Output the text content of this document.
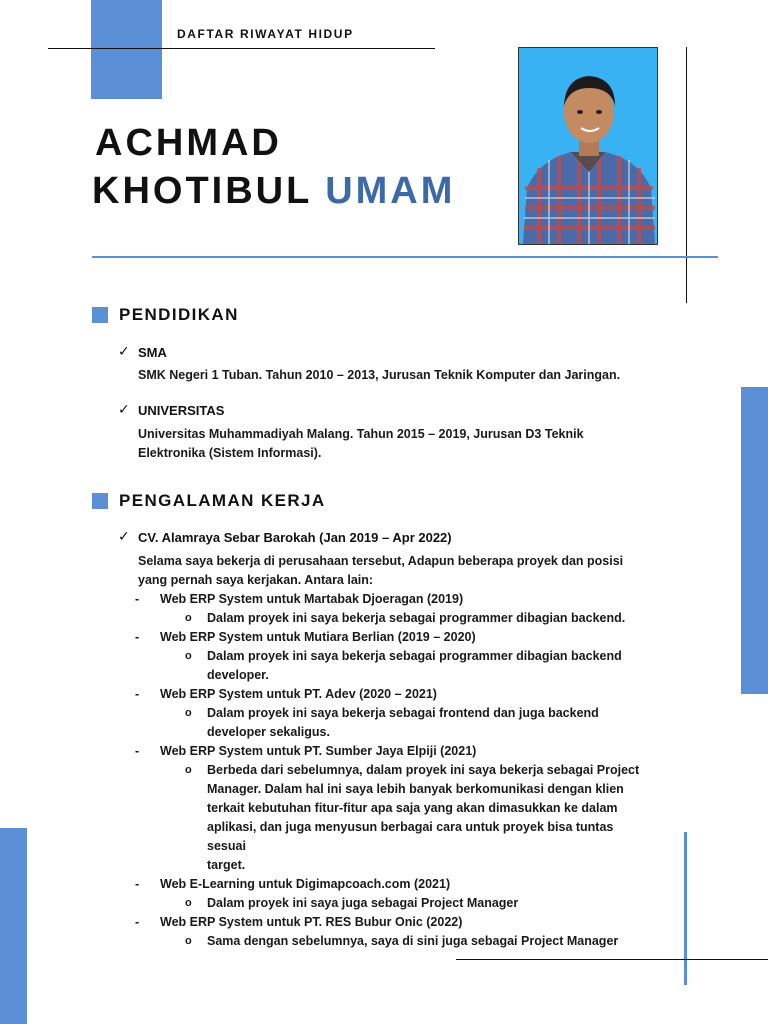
DAFTAR RIWAYAT HIDUP
ACHMAD
KHOTIBUL UMAM
PENDIDIKAN
✓ SMA
SMK Negeri 1 Tuban. Tahun 2010 – 2013, Jurusan Teknik Komputer dan Jaringan.
✓ UNIVERSITAS
Universitas Muhammadiyah Malang. Tahun 2015 – 2019, Jurusan D3 Teknik
Elektronika (Sistem Informasi).
PENGALAMAN KERJA
✓ CV. Alamraya Sebar Barokah (Jan 2019 – Apr 2022)
Selama saya bekerja di perusahaan tersebut, Adapun beberapa proyek dan posisi
yang pernah saya kerjakan. Antara lain:
- Web ERP System untuk Martabak Djoeragan (2019)
o Dalam proyek ini saya bekerja sebagai programmer dibagian backend.
- Web ERP System untuk Mutiara Berlian (2019 – 2020)
o Dalam proyek ini saya bekerja sebagai programmer dibagian backend
developer.
- Web ERP System untuk PT. Adev (2020 – 2021)
o Dalam proyek ini saya bekerja sebagai frontend dan juga backend
developer sekaligus.
- Web ERP System untuk PT. Sumber Jaya Elpiji (2021)
o Berbeda dari sebelumnya, dalam proyek ini saya bekerja sebagai Project
Manager. Dalam hal ini saya lebih banyak berkomunikasi dengan klien
terkait kebutuhan fitur-fitur apa saja yang akan dimasukkan ke dalam
aplikasi, dan juga menyusun berbagai cara untuk proyek bisa tuntas sesuai
target.
- Web E-Learning untuk Digimapcoach.com (2021)
o Dalam proyek ini saya juga sebagai Project Manager
- Web ERP System untuk PT. RES Bubur Onic (2022)
o Sama dengan sebelumnya, saya di sini juga sebagai Project Manager
